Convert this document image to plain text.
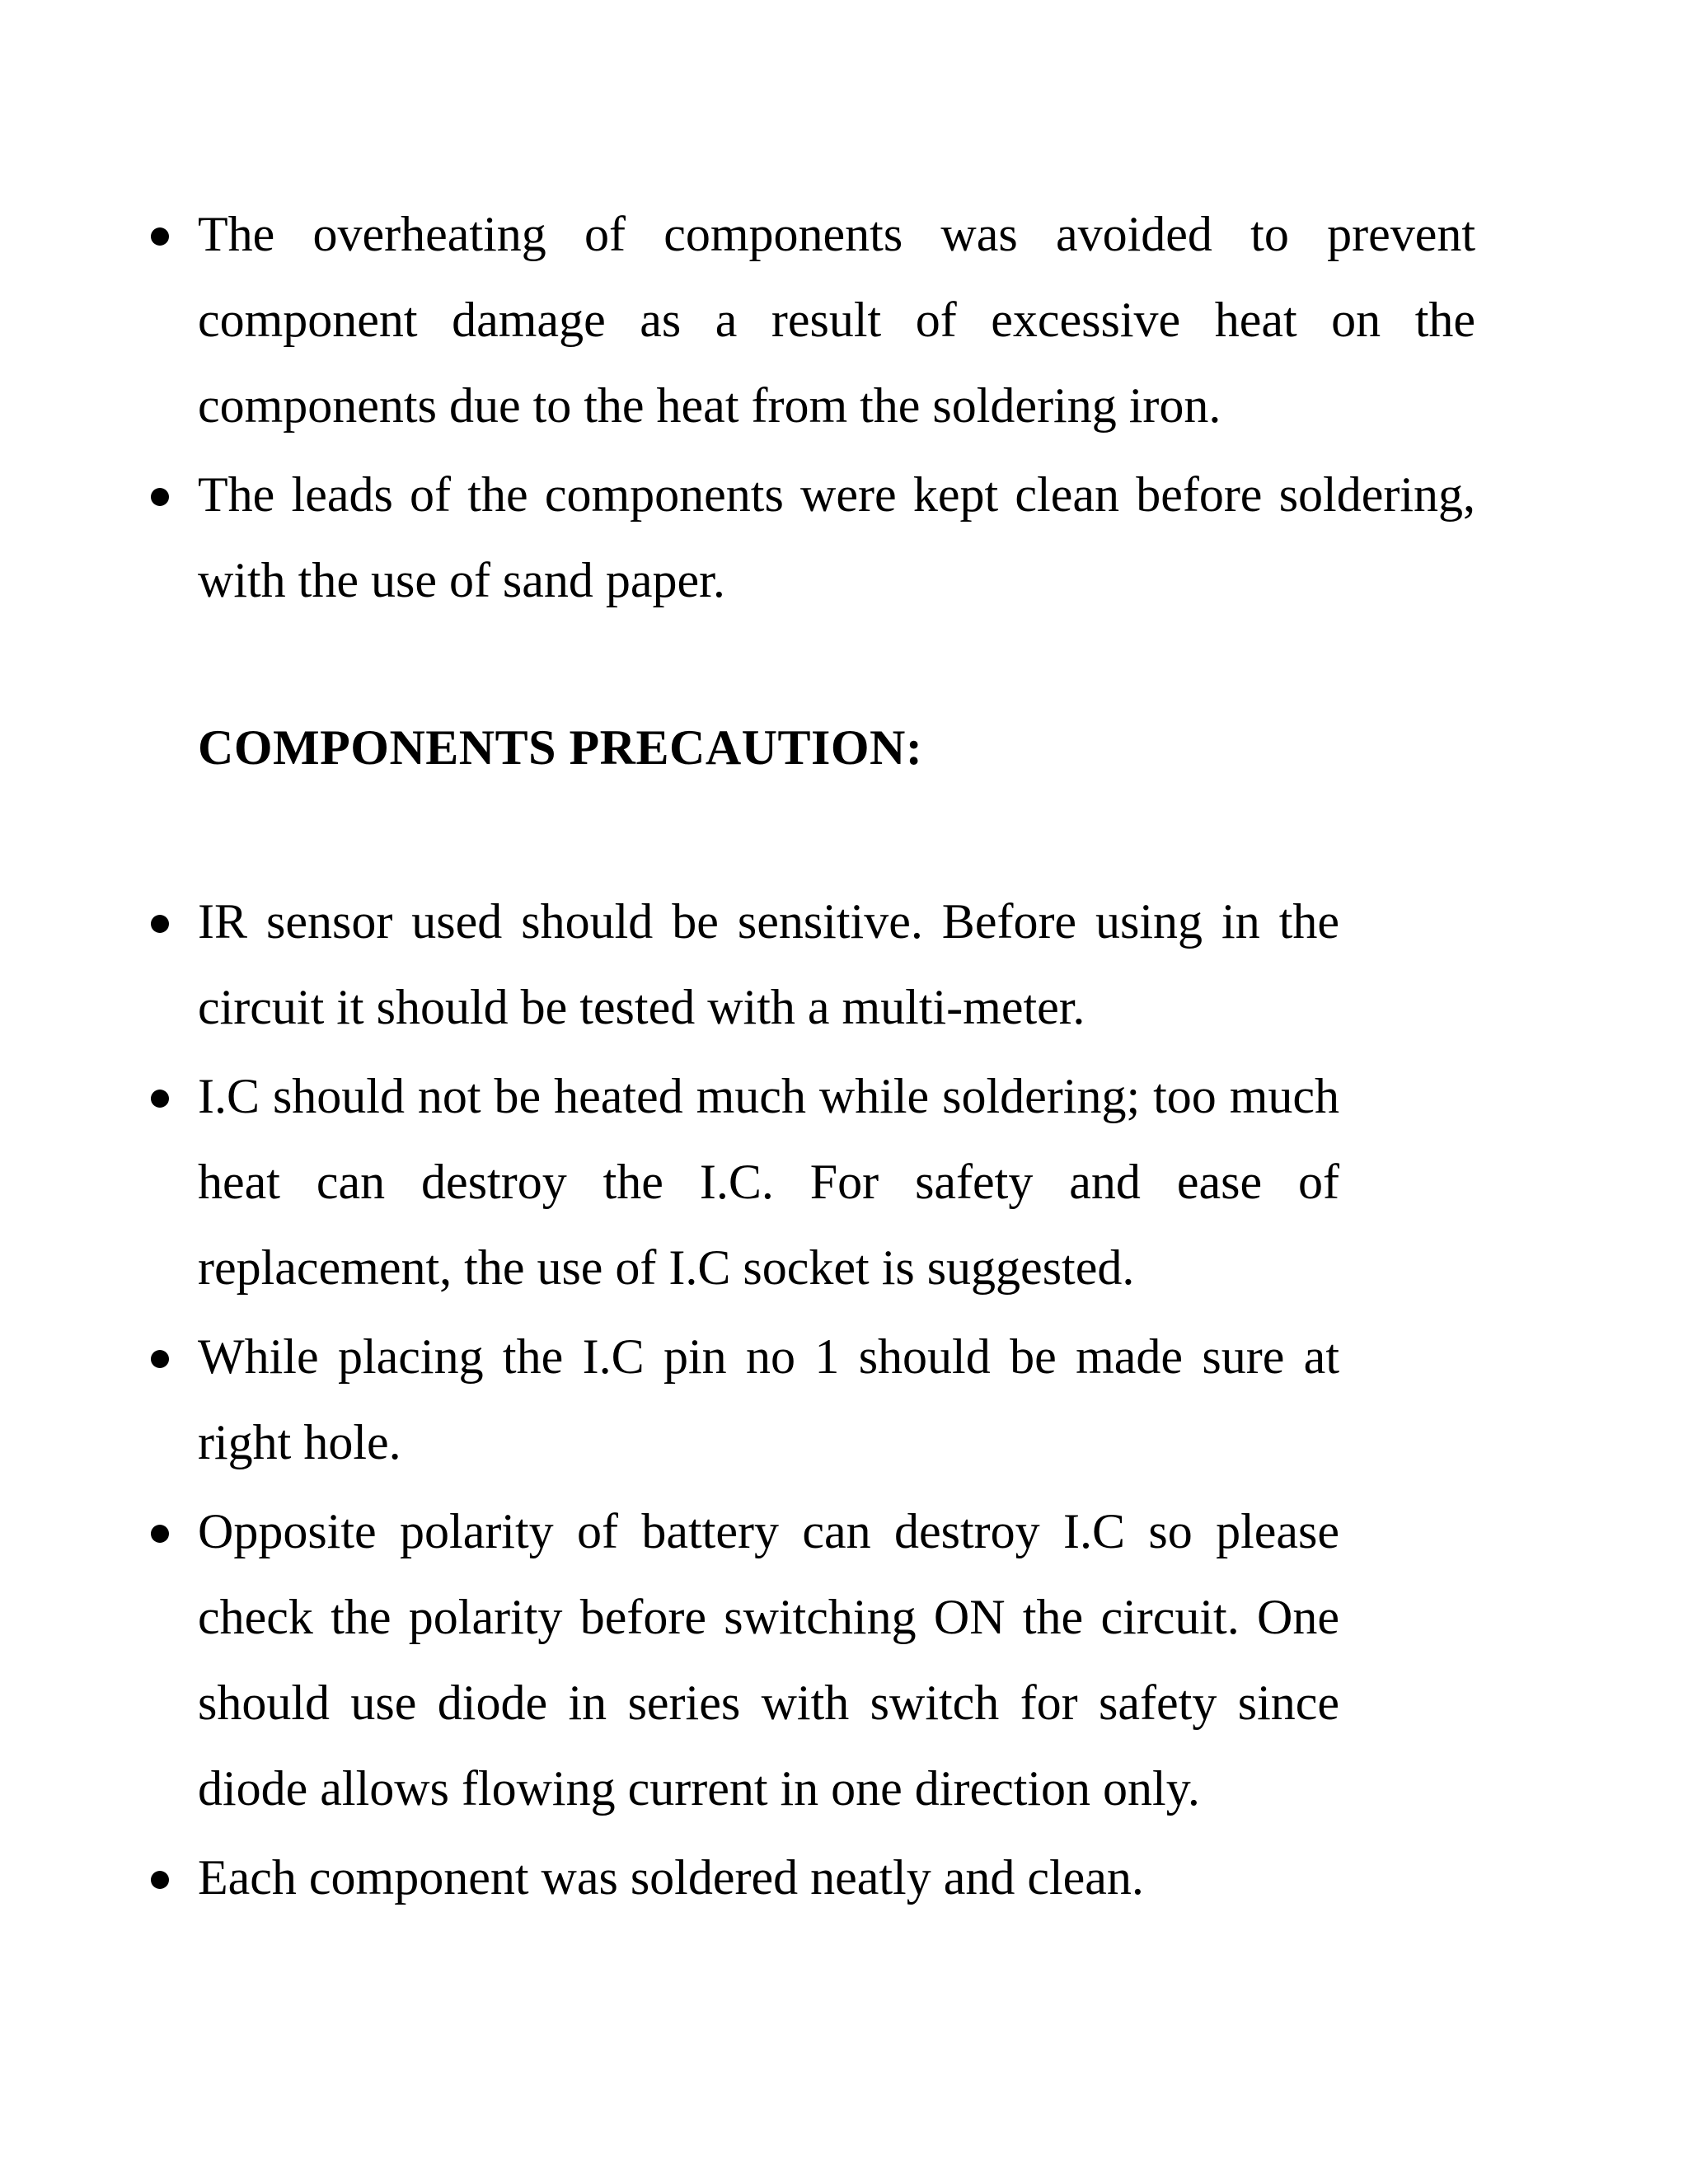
The overheating of components was avoided to prevent component damage as a result of excessive heat on the components due to the heat from the soldering iron.
The leads of the components were kept clean before soldering, with the use of sand paper.
COMPONENTS PRECAUTION:
IR sensor used should be sensitive. Before using in the circuit it should be tested with a multi-meter.
I.C should not be heated much while soldering; too much heat can destroy the I.C. For safety and ease of replacement, the use of I.C socket is suggested.
While placing the I.C pin no 1 should be made sure at right hole.
Opposite polarity of battery can destroy I.C so please check the polarity before switching ON the circuit. One should use diode in series with switch for safety since diode allows flowing current in one direction only.
Each component was soldered neatly and clean.
